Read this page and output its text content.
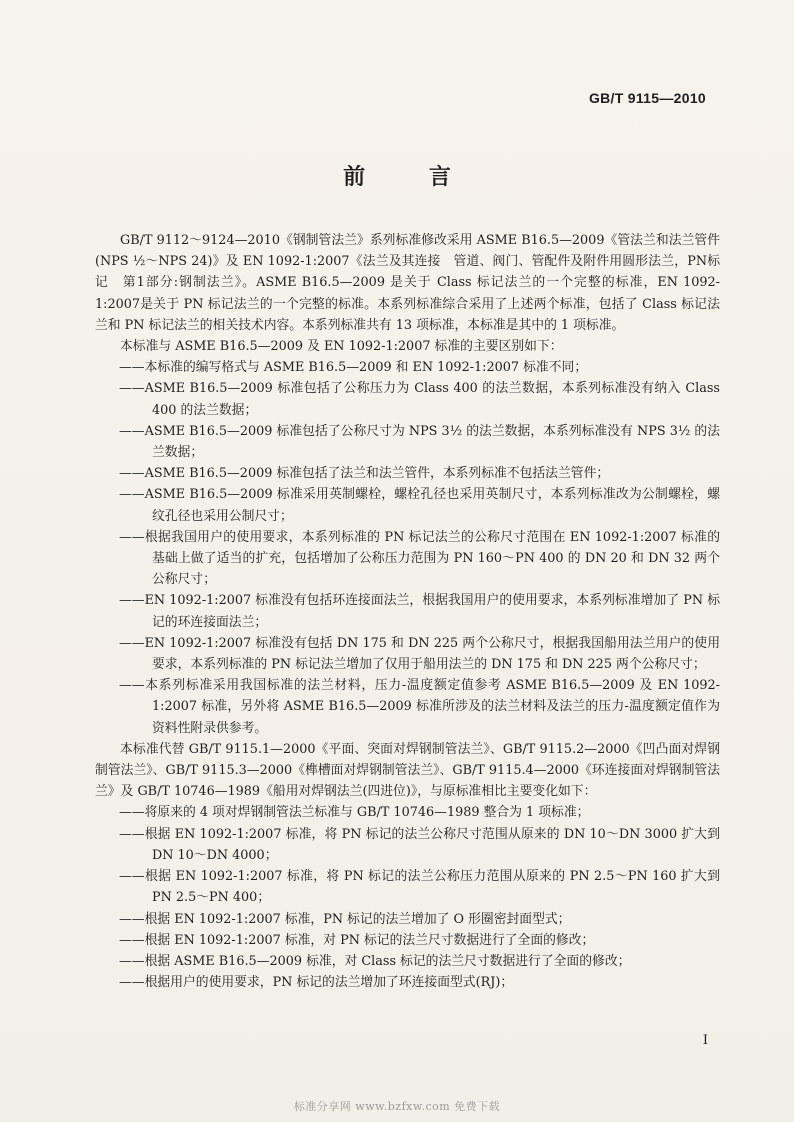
GB/T 9115—2010
前 言

GB/T 9112～9124—2010《钢制管法兰》系列标准修改采用 ASME B16.5—2009《管法兰和法兰管件(NPS ½～NPS 24)》及 EN 1092-1:2007《法兰及其连接　管道、阀门、管配件及附件用圆形法兰，PN标记　第1部分:钢制法兰》。ASME B16.5—2009 是关于 Class 标记法兰的一个完整的标准，EN 1092-1:2007是关于 PN 标记法兰的一个完整的标准。本系列标准综合采用了上述两个标准，包括了 Class 标记法兰和 PN 标记法兰的相关技术内容。本系列标准共有 13 项标准，本标准是其中的 1 项标准。

本标准与 ASME B16.5—2009 及 EN 1092-1:2007 标准的主要区别如下：

——本标准的编写格式与 ASME B16.5—2009 和 EN 1092-1:2007 标准不同；

——ASME B16.5—2009 标准包括了公称压力为 Class 400 的法兰数据，本系列标准没有纳入 Class 400 的法兰数据；

——ASME B16.5—2009 标准包括了公称尺寸为 NPS 3½ 的法兰数据，本系列标准没有 NPS 3½ 的法兰数据；

——ASME B16.5—2009 标准包括了法兰和法兰管件，本系列标准不包括法兰管件；

——ASME B16.5—2009 标准采用英制螺栓，螺栓孔径也采用英制尺寸，本系列标准改为公制螺栓，螺纹孔径也采用公制尺寸；

——根据我国用户的使用要求，本系列标准的 PN 标记法兰的公称尺寸范围在 EN 1092-1:2007 标准的基础上做了适当的扩充，包括增加了公称压力范围为 PN 160～PN 400 的 DN 20 和 DN 32 两个公称尺寸；

——EN 1092-1:2007 标准没有包括环连接面法兰，根据我国用户的使用要求，本系列标准增加了 PN 标记的环连接面法兰；

——EN 1092-1:2007 标准没有包括 DN 175 和 DN 225 两个公称尺寸，根据我国船用法兰用户的使用要求，本系列标准的 PN 标记法兰增加了仅用于船用法兰的 DN 175 和 DN 225 两个公称尺寸；

——本系列标准采用我国标准的法兰材料，压力-温度额定值参考 ASME B16.5—2009 及 EN 1092-1:2007 标准，另外将 ASME B16.5—2009 标准所涉及的法兰材料及法兰的压力-温度额定值作为资料性附录供参考。

本标准代替 GB/T 9115.1—2000《平面、突面对焊钢制管法兰》、GB/T 9115.2—2000《凹凸面对焊钢制管法兰》、GB/T 9115.3—2000《榫槽面对焊钢制管法兰》、GB/T 9115.4—2000《环连接面对焊钢制管法兰》及 GB/T 10746—1989《船用对焊钢法兰(四进位)》，与原标准相比主要变化如下：

——将原来的 4 项对焊钢制管法兰标准与 GB/T 10746—1989 整合为 1 项标准；

——根据 EN 1092-1:2007 标准，将 PN 标记的法兰公称尺寸范围从原来的 DN 10～DN 3000 扩大到 DN 10～DN 4000；

——根据 EN 1092-1:2007 标准，将 PN 标记的法兰公称压力范围从原来的 PN 2.5～PN 160 扩大到 PN 2.5～PN 400；

——根据 EN 1092-1:2007 标准，PN 标记的法兰增加了 O 形圈密封面型式；

——根据 EN 1092-1:2007 标准，对 PN 标记的法兰尺寸数据进行了全面的修改；

——根据 ASME B16.5—2009 标准，对 Class 标记的法兰尺寸数据进行了全面的修改；

——根据用户的使用要求，PN 标记的法兰增加了环连接面型式(RJ)；

I
标准分享网 www.bzfxw.com 免费下载
